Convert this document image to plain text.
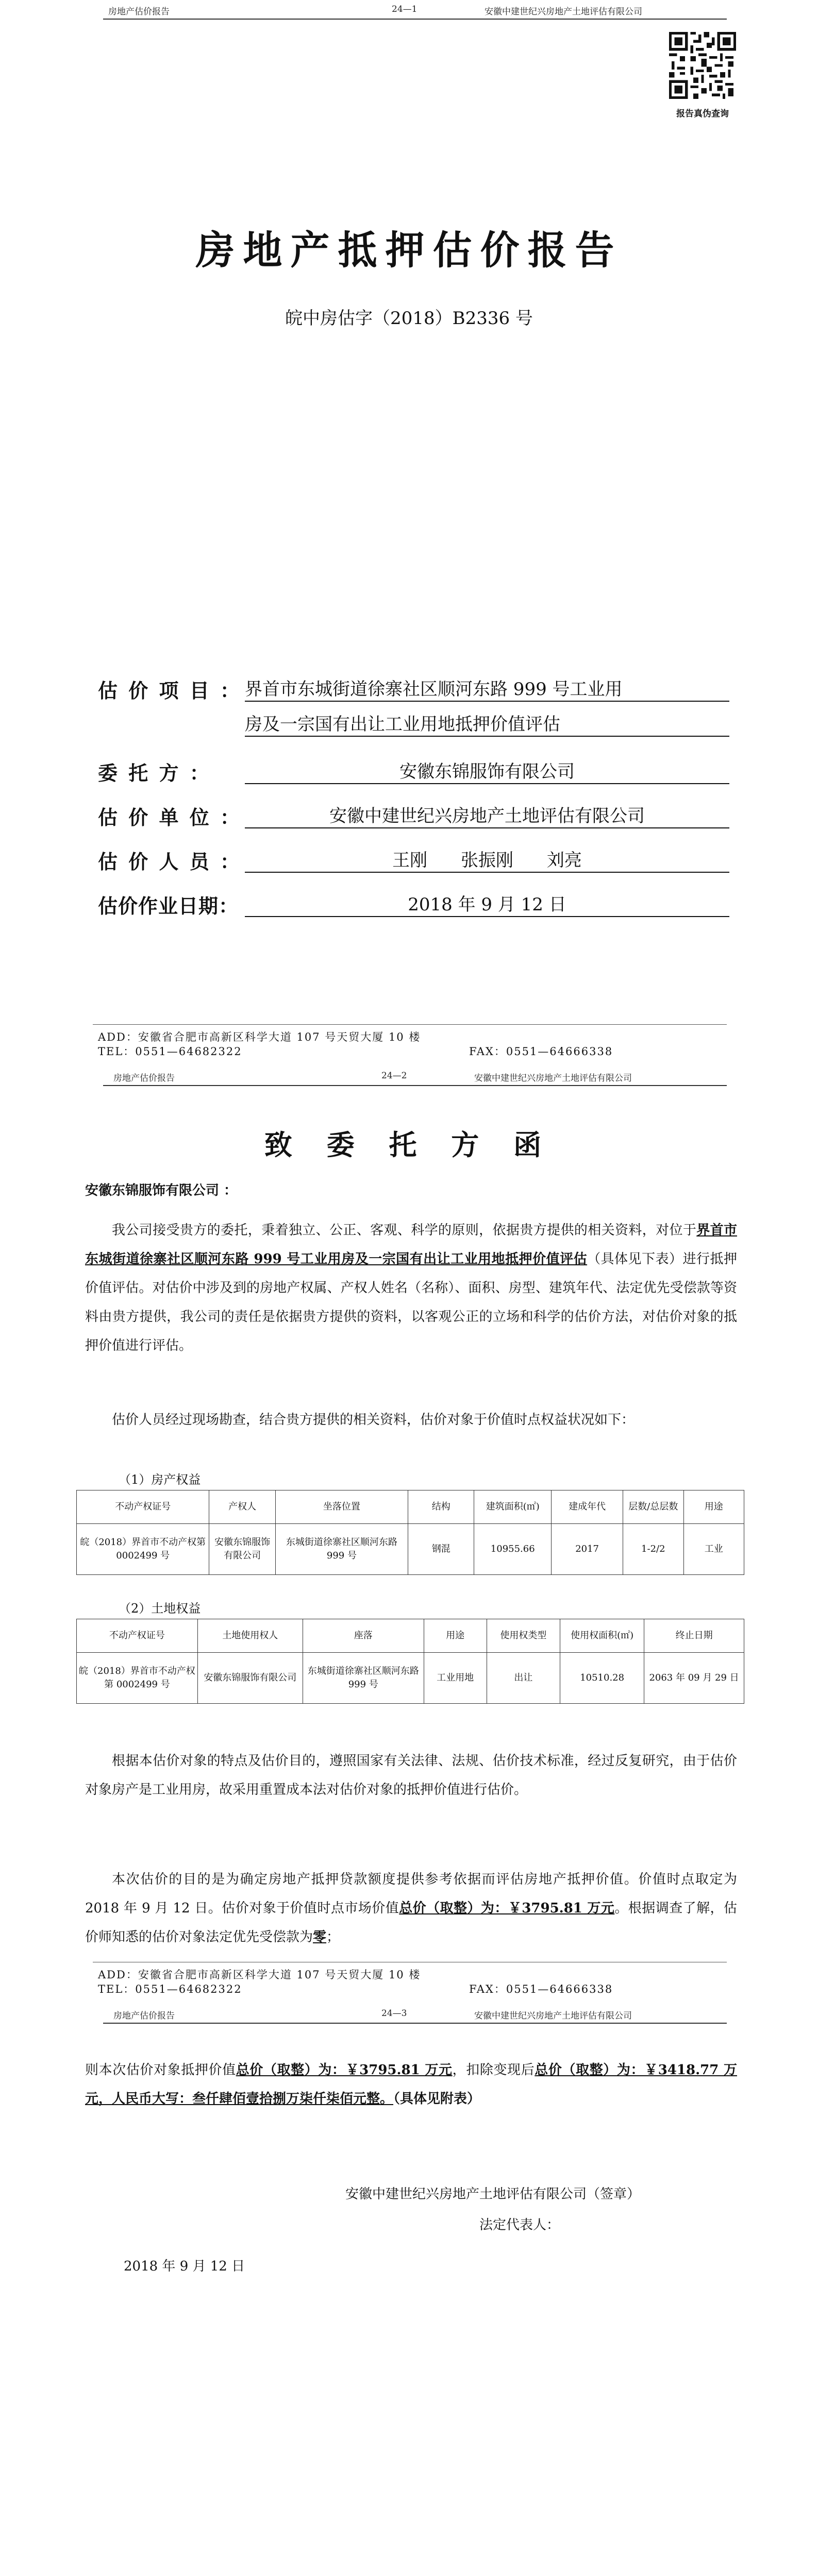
房地产估价报告	24—1	安徽中建世纪兴房地产土地评估有限公司
报告真伪查询
房地产抵押估价报告
皖中房估字（2018）B2336 号
估 价 项 目 ： 界首市东城街道徐寨社区顺河东路 999 号工业用
房及一宗国有出让工业用地抵押价值评估
委 托 方 ：	安徽东锦服饰有限公司
估 价 单 位 ：	安徽中建世纪兴房地产土地评估有限公司
估 价 人 员 ：	王刚      张振刚      刘亮
估价作业日期：	2018 年 9 月 12 日
ADD：安徽省合肥市高新区科学大道 107 号天贸大厦 10 楼
TEL：0551—64682322	FAX：0551—64666338
房地产估价报告	24—2	安徽中建世纪兴房地产土地评估有限公司
致 委 托 方 函
安徽东锦服饰有限公司 ：
我公司接受贵方的委托，秉着独立、公正、客观、科学的原则，依据贵方提供的相关资料，对位于界首市东城街道徐寨社区顺河东路 999 号工业用房及一宗国有出让工业用地抵押价值评估（具体见下表）进行抵押价值评估。对估价中涉及到的房地产权属、产权人姓名（名称）、面积、房型、建筑年代、法定优先受偿款等资料由贵方提供，我公司的责任是依据贵方提供的资料，以客观公正的立场和科学的估价方法，对估价对象的抵押价值进行评估。
估价人员经过现场勘查，结合贵方提供的相关资料，估价对象于价值时点权益状况如下：
（1）房产权益
不动产权证号	产权人	坐落位置	结构	建筑面积(㎡)	建成年代	层数/总层数	用途
皖（2018）界首市不动产权第 0002499 号	安徽东锦服饰有限公司	东城街道徐寨社区顺河东路 999 号	钢混	10955.66	2017	1-2/2	工业
（2）土地权益
不动产权证号	土地使用权人	座落	用途	使用权类型	使用权面积(㎡)	终止日期
皖（2018）界首市不动产权第 0002499 号	安徽东锦服饰有限公司	东城街道徐寨社区顺河东路 999 号	工业用地	出让	10510.28	2063 年 09 月 29 日
根据本估价对象的特点及估价目的，遵照国家有关法律、法规、估价技术标准，经过反复研究，由于估价对象房产是工业用房，故采用重置成本法对估价对象的抵押价值进行估价。
本次估价的目的是为确定房地产抵押贷款额度提供参考依据而评估房地产抵押价值。价值时点取定为 2018 年 9 月 12 日。估价对象于价值时点市场价值总价（取整）为：￥3795.81 万元。根据调查了解，估价师知悉的估价对象法定优先受偿款为零；
ADD：安徽省合肥市高新区科学大道 107 号天贸大厦 10 楼
TEL：0551—64682322	FAX：0551—64666338
房地产估价报告	24—3	安徽中建世纪兴房地产土地评估有限公司
则本次估价对象抵押价值总价（取整）为：￥3795.81 万元，扣除变现后总价（取整）为：￥3418.77 万元，人民币大写：叁仟肆佰壹拾捌万柒仟柒佰元整。（具体见附表）
安徽中建世纪兴房地产土地评估有限公司（签章）
法定代表人：
2018 年 9 月 12 日
